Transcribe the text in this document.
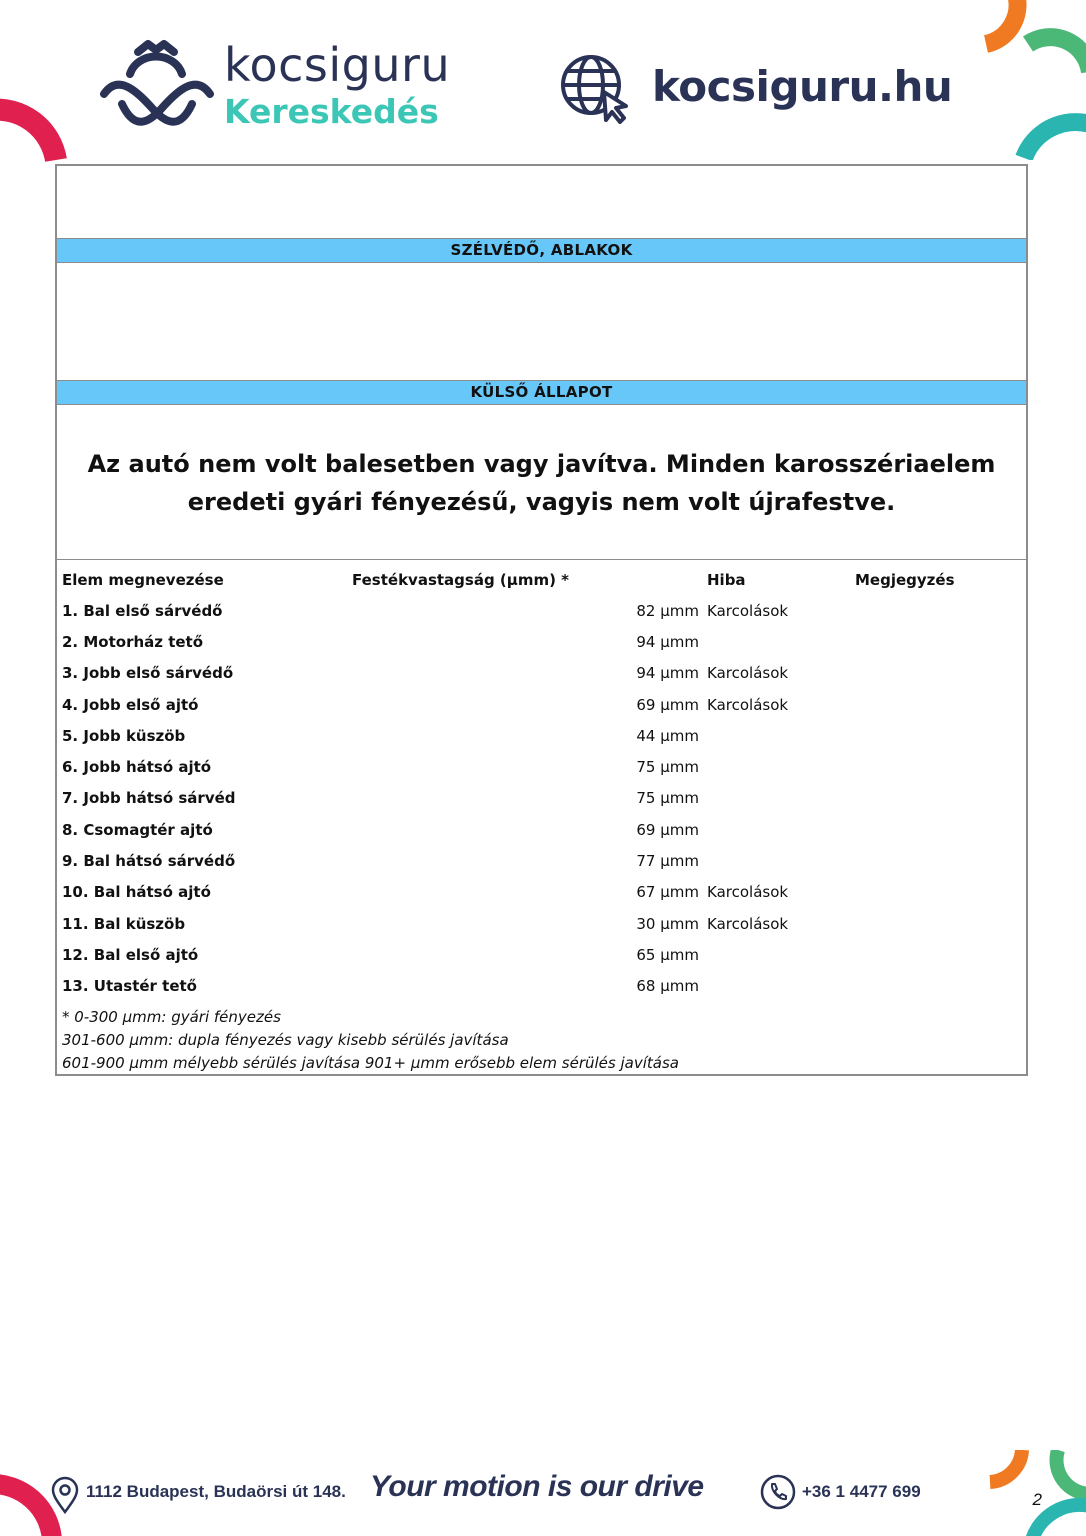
kocsiguru
Kereskedés
kocsiguru.hu
SZÉLVÉDŐ, ABLAKOK
KÜLSŐ ÁLLAPOT
Az autó nem volt balesetben vagy javítva. Minden karosszériaelem eredeti gyári fényezésű, vagyis nem volt újrafestve.
Elem megnevezése	Festékvastagság (μmm) *	Hiba	Megjegyzés
1. Bal első sárvédő	82 μmm	Karcolások	
2. Motorház tető	94 μmm		
3. Jobb első sárvédő	94 μmm	Karcolások	
4. Jobb első ajtó	69 μmm	Karcolások	
5. Jobb küszöb	44 μmm		
6. Jobb hátsó ajtó	75 μmm		
7. Jobb hátsó sárvéd	75 μmm		
8. Csomagtér ajtó	69 μmm		
9. Bal hátsó sárvédő	77 μmm		
10. Bal hátsó ajtó	67 μmm	Karcolások	
11. Bal küszöb	30 μmm	Karcolások	
12. Bal első ajtó	65 μmm		
13. Utastér tető	68 μmm		
* 0-300 μmm: gyári fényezés
301-600 μmm: dupla fényezés vagy kisebb sérülés javítása
601-900 μmm mélyebb sérülés javítása 901+ μmm erősebb elem sérülés javítása
1112 Budapest, Budaörsi út 148. Your motion is our drive	+36 1 4477 699	2
